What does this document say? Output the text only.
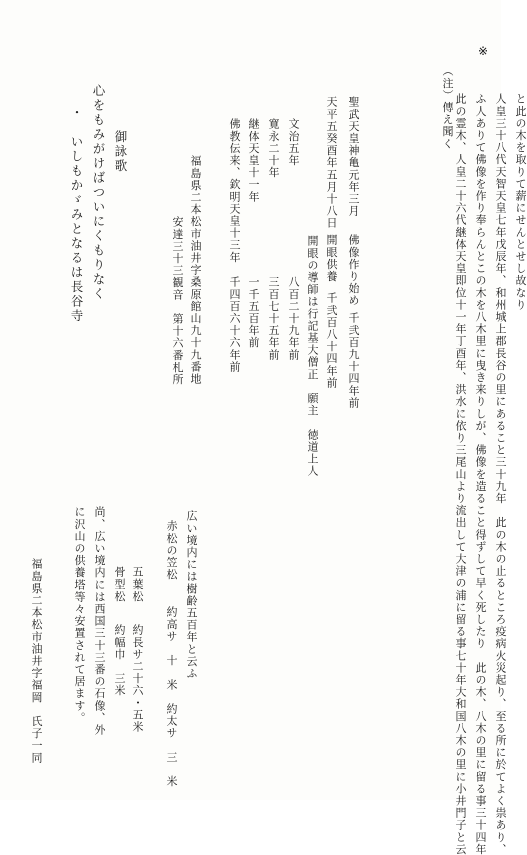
※
（注）傳え聞く 此の霊木、人皇二十六代継体天皇即位十一年丁酉年、洪水に依り三尾山より流出して大津の浦に留る事七十年大和国八木の里に小井門子と云 ふ人ありて佛像を作り奉らんとこの木を八木里に曳き来りしが、佛像を造ること得ずして早く死したり　此の木、八木の里に留る事三十四年 人皇三十八代天智天皇七年戊辰年、和州城上郡長谷の里にあること三十九年　此の木の止るところ疫病火災起り、至る所に於てよく祟あり、 と此の木を取りて薪にせんとせし故なり
聖武天皇神亀元年三月
佛像作り始め
千弐百九十四年前
天平五癸酉年五月十八日
開眼供養
千弐百八十四年前
開眼の導師は行記基大僧正　願主　徳道上人
文治五年
八百二十九年前
寛永二十年
三百七十五年前
継体天皇十一年
一千五百年前
佛教伝来、欽明天皇十三年
千四百六十六年前
福島県二本松市油井字桑原館山九十九番地
安達三十三観音　第十六番札所
御詠歌
心をもみがけばついにくもりなく
・　いしもかゞみとなるは長谷寺
広い境内には樹齢五百年と云ふ
赤松の笠松
約高サ　十　米　約太サ　三　米
五葉松
約長サ二十六・五米
骨型松
約幅巾　三米
尚、広い境内には西国三十三番の石像、外
に沢山の供養塔等々安置されて居ます。
福島県二本松市油井字福岡　氏子一同
